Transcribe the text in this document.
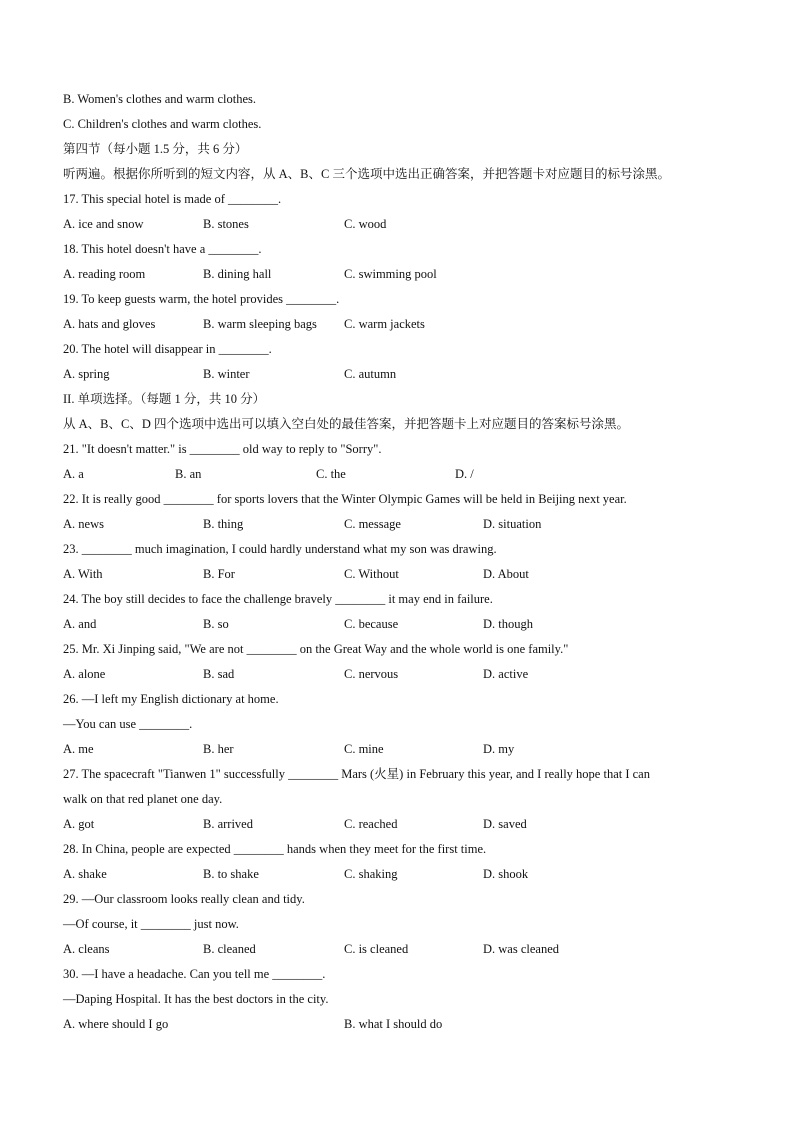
B. Women's clothes and warm clothes.
C. Children's clothes and warm clothes.
第四节（每小题 1.5 分，共 6 分）
听两遍。根据你所听到的短文内容，从 A、B、C 三个选项中选出正确答案，并把答题卡对应题目的标号涂黑。
17. This special hotel is made of ________.
A. ice and snow	B. stones	C. wood
18. This hotel doesn't have a ________.
A. reading room	B. dining hall	C. swimming pool
19. To keep guests warm, the hotel provides ________.
A. hats and gloves	B. warm sleeping bags C. warm jackets
20. The hotel will disappear in ________.
A. spring	B. winter	C. autumn
II. 单项选择。（每题 1 分，共 10 分）
从 A、B、C、D 四个选项中选出可以填入空白处的最佳答案，并把答题卡上对应题目的答案标号涂黑。
21. "It doesn't matter." is ________ old way to reply to "Sorry".
A. a	B. an	C. the	D. /
22. It is really good ________ for sports lovers that the Winter Olympic Games will be held in Beijing next year.
A. news	B. thing	C. message	D. situation
23. ________ much imagination, I could hardly understand what my son was drawing.
A. With	B. For	C. Without	D. About
24. The boy still decides to face the challenge bravely ________ it may end in failure.
A. and	B. so	C. because	D. though
25. Mr. Xi Jinping said, "We are not ________ on the Great Way and the whole world is one family."
A. alone	B. sad	C. nervous	D. active
26. —I left my English dictionary at home.
—You can use ________.
A. me	B. her	C. mine	D. my
27. The spacecraft "Tianwen 1" successfully ________ Mars (火星) in February this year, and I really hope that I can
walk on that red planet one day.
A. got	B. arrived	C. reached	D. saved
28. In China, people are expected ________ hands when they meet for the first time.
A. shake	B. to shake	C. shaking	D. shook
29. —Our classroom looks really clean and tidy.
—Of course, it ________ just now.
A. cleans	B. cleaned	C. is cleaned	D. was cleaned
30. —I have a headache. Can you tell me ________.
—Daping Hospital. It has the best doctors in the city.
A. where should I go	B. what I should do
